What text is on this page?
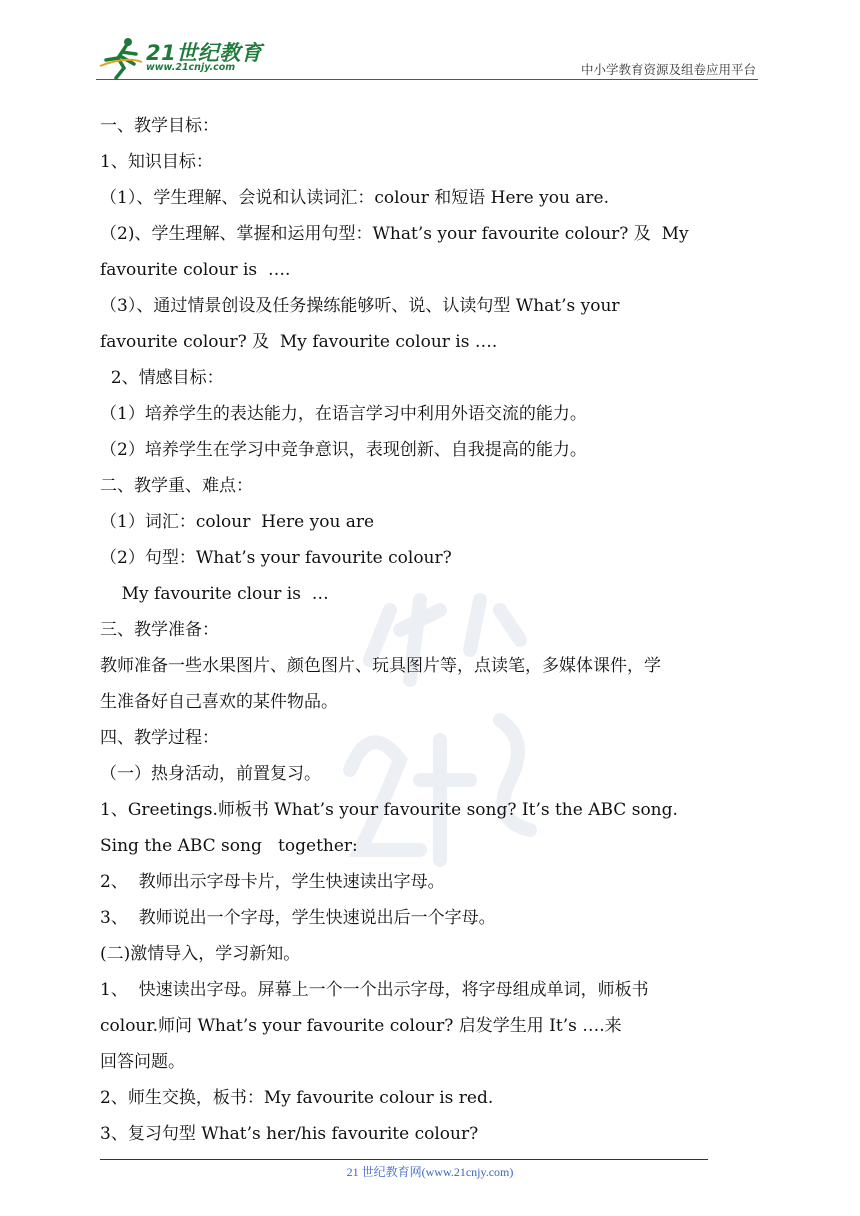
21世纪教育
www.21cnjy.com	中小学教育资源及组卷应用平台
一、教学目标：
1、知识目标：
（1）、学生理解、会说和认读词汇：colour 和短语 Here you are.
（2)、学生理解、掌握和运用句型：What’s your favourite colour? 及  My
favourite colour is  ….
（3）、通过情景创设及任务操练能够听、说、认读句型 What’s your
favourite colour? 及  My favourite colour is ….
2、情感目标：
（1）培养学生的表达能力，在语言学习中利用外语交流的能力。
（2）培养学生在学习中竞争意识，表现创新、自我提高的能力。
二、教学重、难点：
（1）词汇：colour  Here you are
（2）句型：What’s your favourite colour?
My favourite clour is  …
三、教学准备：
教师准备一些水果图片、颜色图片、玩具图片等，点读笔，多媒体课件，学
生准备好自己喜欢的某件物品。
四、教学过程：
（一）热身活动，前置复习。
1、Greetings.师板书 What’s your favourite song? It’s the ABC song.
Sing the ABC song   together:
2、  教师出示字母卡片，学生快速读出字母。
3、  教师说出一个字母，学生快速说出后一个字母。
(二)激情导入，学习新知。
1、  快速读出字母。屏幕上一个一个出示字母，将字母组成单词，师板书
colour.师问 What’s your favourite colour? 启发学生用 It’s ….来
回答问题。
2、师生交换，板书：My favourite colour is red.
3、复习句型 What’s her/his favourite colour?
21 世纪教育网(www.21cnjy.com)
